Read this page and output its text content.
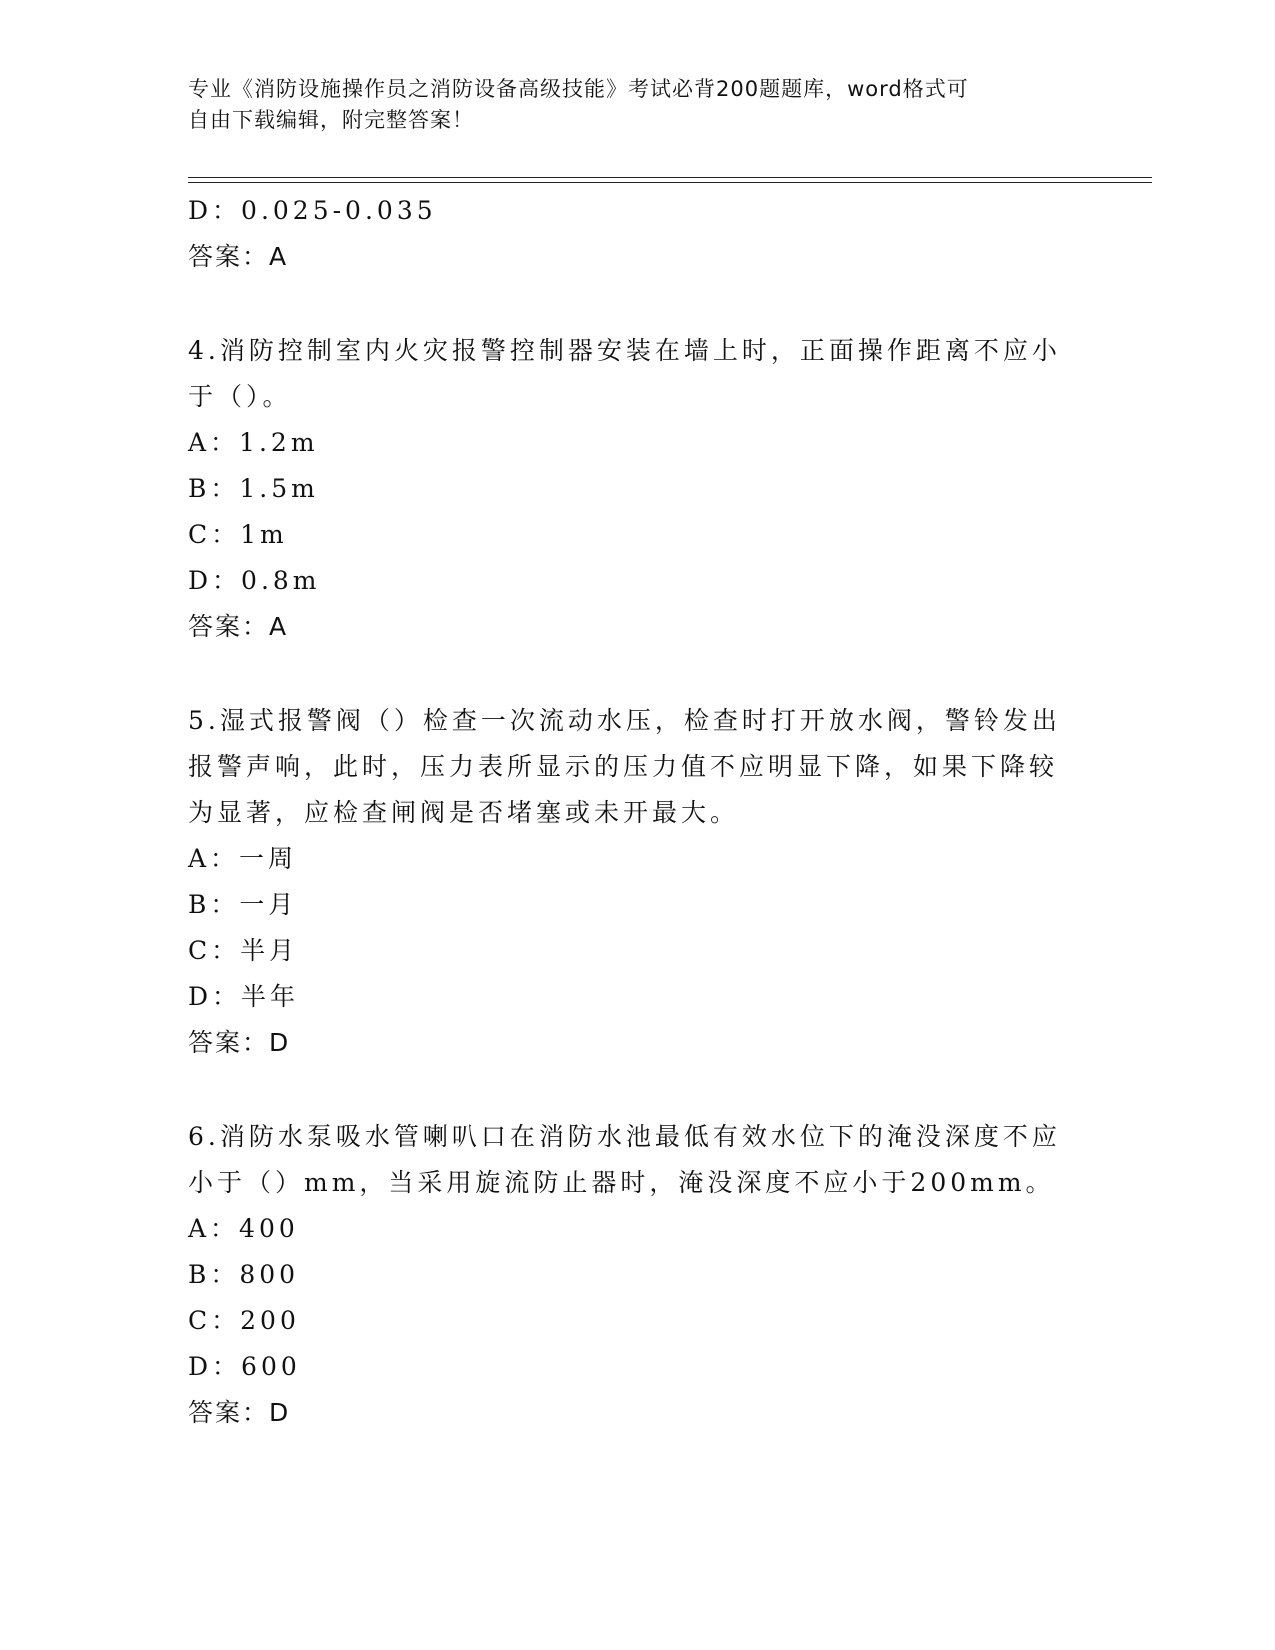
专业《消防设施操作员之消防设备高级技能》考试必背200题题库，word格式可
自由下载编辑，附完整答案！
D：0.025-0.035
答案：A
4.消防控制室内火灾报警控制器安装在墙上时，正面操作距离不应小
于（）。
A：1.2m
B：1.5m
C：1m
D：0.8m
答案：A
5.湿式报警阀（）检查一次流动水压，检查时打开放水阀，警铃发出
报警声响，此时，压力表所显示的压力值不应明显下降，如果下降较
为显著，应检查闸阀是否堵塞或未开最大。
A：一周
B：一月
C：半月
D：半年
答案：D
6.消防水泵吸水管喇叭口在消防水池最低有效水位下的淹没深度不应
小于（）mm，当采用旋流防止器时，淹没深度不应小于200mm。
A：400
B：800
C：200
D：600
答案：D
